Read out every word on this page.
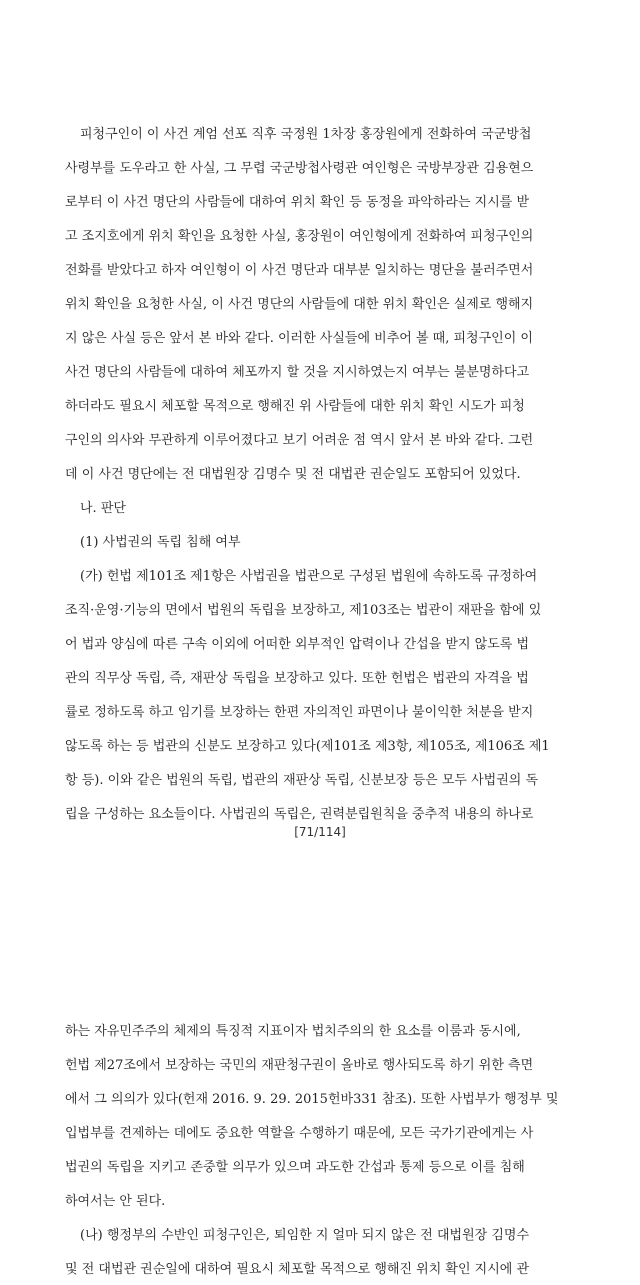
피청구인이 이 사건 계엄 선포 직후 국정원 1차장 홍장원에게 전화하여 국군방첩
사령부를 도우라고 한 사실, 그 무렵 국군방첩사령관 여인형은 국방부장관 김용현으
로부터 이 사건 명단의 사람들에 대하여 위치 확인 등 동정을 파악하라는 지시를 받
고 조지호에게 위치 확인을 요청한 사실, 홍장원이 여인형에게 전화하여 피청구인의
전화를 받았다고 하자 여인형이 이 사건 명단과 대부분 일치하는 명단을 불러주면서
위치 확인을 요청한 사실, 이 사건 명단의 사람들에 대한 위치 확인은 실제로 행해지
지 않은 사실 등은 앞서 본 바와 같다. 이러한 사실들에 비추어 볼 때, 피청구인이 이
사건 명단의 사람들에 대하여 체포까지 할 것을 지시하였는지 여부는 불분명하다고
하더라도 필요시 체포할 목적으로 행해진 위 사람들에 대한 위치 확인 시도가 피청
구인의 의사와 무관하게 이루어졌다고 보기 어려운 점 역시 앞서 본 바와 같다. 그런
데 이 사건 명단에는 전 대법원장 김명수 및 전 대법관 권순일도 포함되어 있었다.
나. 판단
(1) 사법권의 독립 침해 여부
(가) 헌법 제101조 제1항은 사법권을 법관으로 구성된 법원에 속하도록 규정하여
조직·운영·기능의 면에서 법원의 독립을 보장하고, 제103조는 법관이 재판을 함에 있
어 법과 양심에 따른 구속 이외에 어떠한 외부적인 압력이나 간섭을 받지 않도록 법
관의 직무상 독립, 즉, 재판상 독립을 보장하고 있다. 또한 헌법은 법관의 자격을 법
률로 정하도록 하고 임기를 보장하는 한편 자의적인 파면이나 불이익한 처분을 받지
않도록 하는 등 법관의 신분도 보장하고 있다(제101조 제3항, 제105조, 제106조 제1
항 등). 이와 같은 법원의 독립, 법관의 재판상 독립, 신분보장 등은 모두 사법권의 독
립을 구성하는 요소들이다. 사법권의 독립은, 권력분립원칙을 중추적 내용의 하나로
[71/114]
하는 자유민주주의 체제의 특징적 지표이자 법치주의의 한 요소를 이룸과 동시에,
헌법 제27조에서 보장하는 국민의 재판청구권이 올바로 행사되도록 하기 위한 측면
에서 그 의의가 있다(헌재 2016. 9. 29. 2015헌바331 참조). 또한 사법부가 행정부 및
입법부를 견제하는 데에도 중요한 역할을 수행하기 때문에, 모든 국가기관에게는 사
법권의 독립을 지키고 존중할 의무가 있으며 과도한 간섭과 통제 등으로 이를 침해
하여서는 안 된다.
(나) 행정부의 수반인 피청구인은, 퇴임한 지 얼마 되지 않은 전 대법원장 김명수
및 전 대법관 권순일에 대하여 필요시 체포할 목적으로 행해진 위치 확인 지시에 관
